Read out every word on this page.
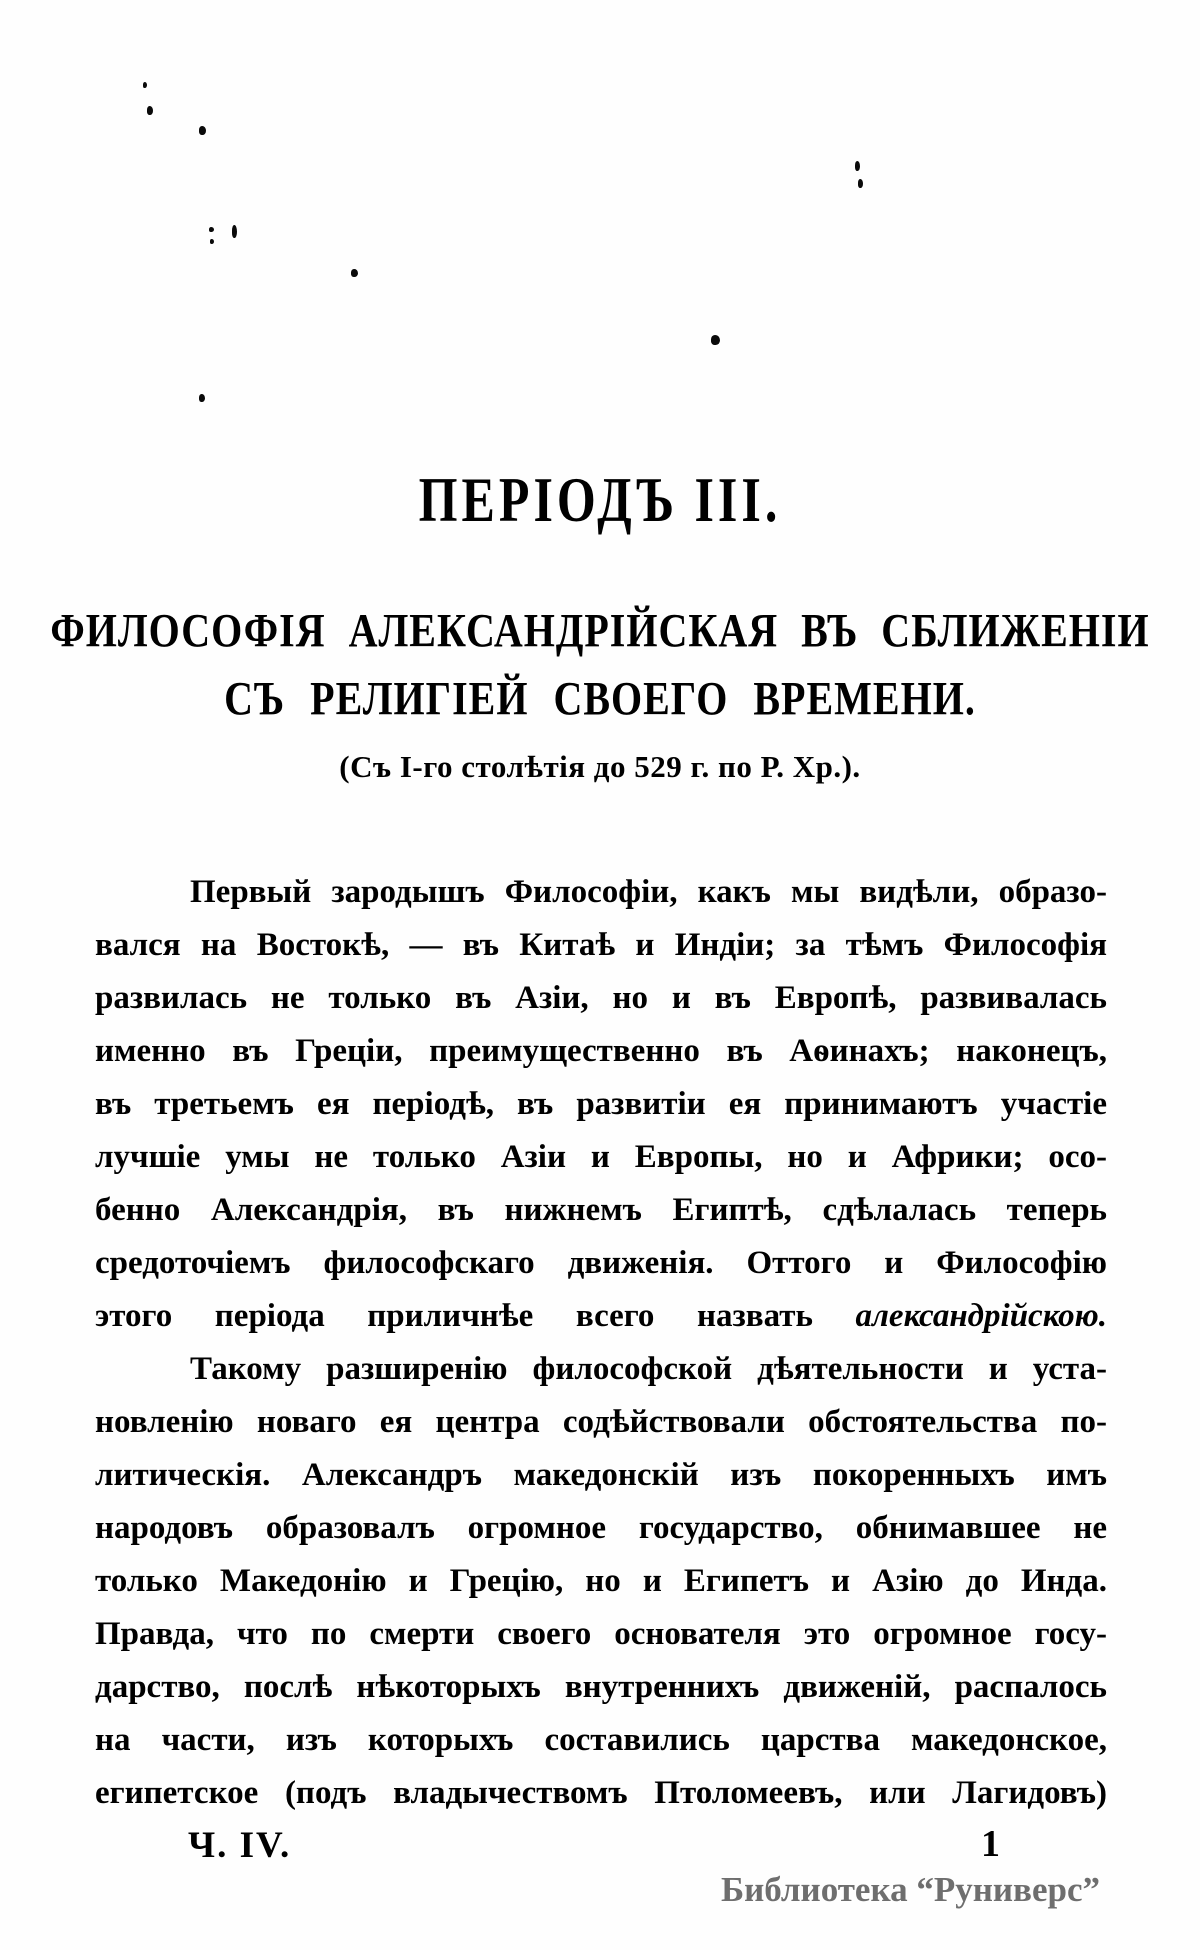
ПЕРІОДЪ III.
ФИЛОСОФІЯ АЛЕКСАНДРІЙСКАЯ ВЪ СБЛИЖЕНІИ
СЪ РЕЛИГІЕЙ СВОЕГО ВРЕМЕНИ.
(Съ I-го столѣтія до 529 г. по Р. Хр.).
Первый зародышъ Философіи, какъ мы видѣли, образо-
вался на Востокѣ, — въ Китаѣ и Индіи; за тѣмъ Философія
развилась не только въ Азіи, но и въ Европѣ, развивалась
именно въ Греціи, преимущественно въ Аѳинахъ; наконецъ,
въ третьемъ ея періодѣ, въ развитіи ея принимаютъ участіе
лучшіе умы не только Азіи и Европы, но и Африки; осо-
бенно Александрія, въ нижнемъ Египтѣ, сдѣлалась теперь
средоточіемъ философскаго движенія. Оттого и Философію
этого періода приличнѣе всего назвать александрійскою.
Такому разширенію философской дѣятельности и уста-
новленію новаго ея центра содѣйствовали обстоятельства по-
литическія. Александръ македонскій изъ покоренныхъ имъ
народовъ образовалъ огромное государство, обнимавшее не
только Македонію и Грецію, но и Египетъ и Азію до Инда.
Правда, что по смерти своего основателя это огромное госу-
дарство, послѣ нѣкоторыхъ внутреннихъ движеній, распалось
на части, изъ которыхъ составились царства македонское,
египетское (подъ владычествомъ Птоломеевъ, или Лагидовъ)
Ч. IV.	1
Библиотека “Руниверс”
